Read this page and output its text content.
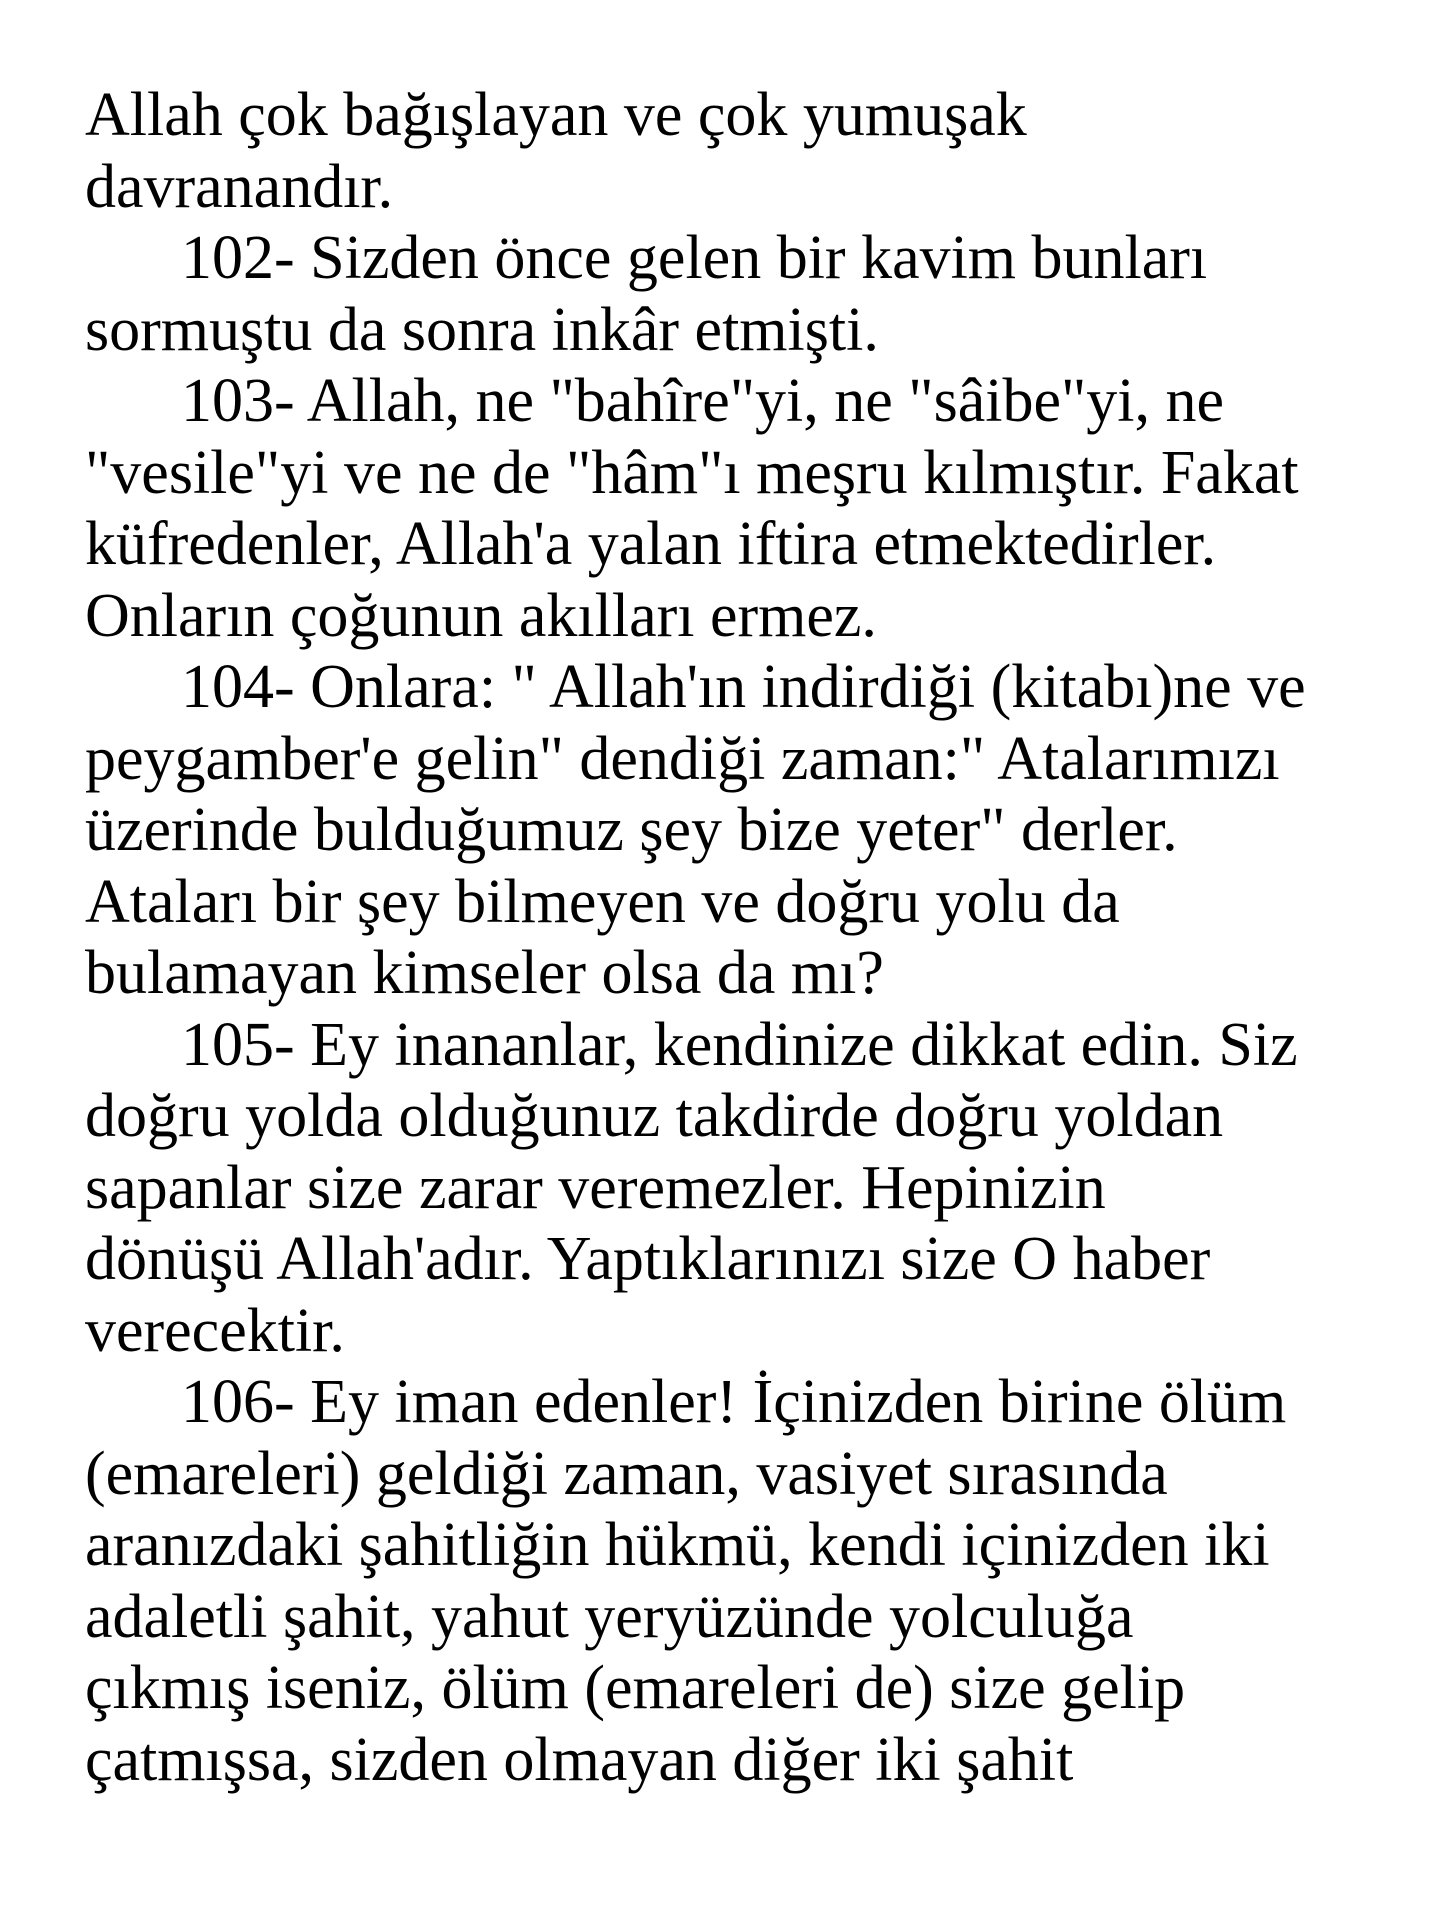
Allah çok bağışlayan ve çok yumuşak
davranandır.
102- Sizden önce gelen bir kavim bunları
sormuştu da sonra inkâr etmişti.
103- Allah, ne "bahîre"yi, ne "sâibe"yi, ne
"vesile"yi ve ne de "hâm"ı meşru kılmıştır. Fakat
küfredenler, Allah'a yalan iftira etmektedirler.
Onların çoğunun akılları ermez.
104- Onlara: " Allah'ın indirdiği (kitabı)ne ve
peygamber'e gelin" dendiği zaman:" Atalarımızı
üzerinde bulduğumuz şey bize yeter" derler.
Ataları bir şey bilmeyen ve doğru yolu da
bulamayan kimseler olsa da mı?
105- Ey inananlar, kendinize dikkat edin. Siz
doğru yolda olduğunuz takdirde doğru yoldan
sapanlar size zarar veremezler. Hepinizin
dönüşü Allah'adır. Yaptıklarınızı size O haber
verecektir.
106- Ey iman edenler! İçinizden birine ölüm
(emareleri) geldiği zaman, vasiyet sırasında
aranızdaki şahitliğin hükmü, kendi içinizden iki
adaletli şahit, yahut yeryüzünde yolculuğa
çıkmış iseniz, ölüm (emareleri de) size gelip
çatmışsa, sizden olmayan diğer iki şahit
